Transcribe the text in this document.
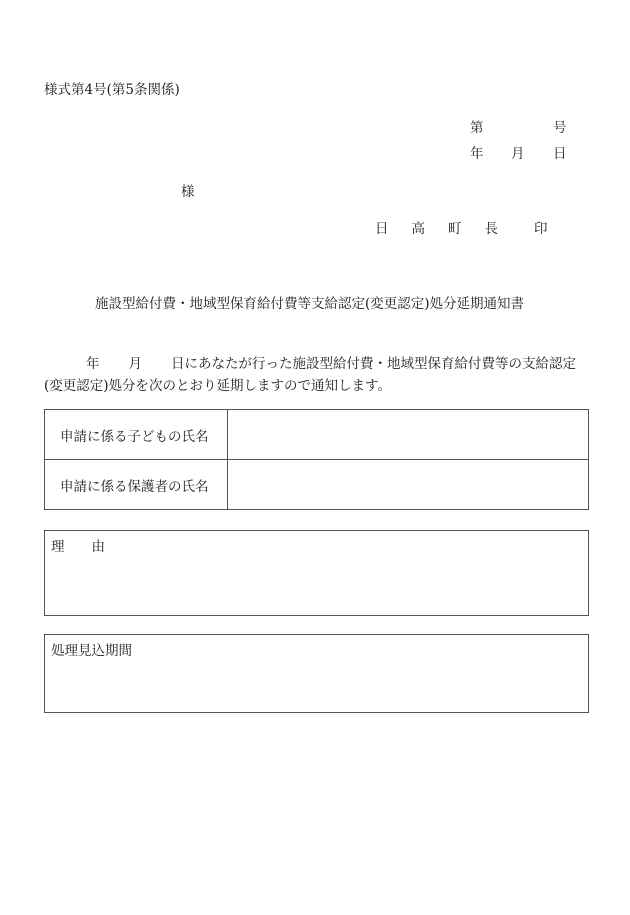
様式第4号(第5条関係)
第	号
年 月 日
様
日 高 町 長	印
施設型給付費・地域型保育給付費等支給認定(変更認定)処分延期通知書
年 月 日にあなたが行った施設型給付費・地域型保育給付費等の支給認定(変更認定)処分を次のとおり延期しますので通知します。
申請に係る子どもの氏名	
申請に係る保護者の氏名	
理　　由
処理見込期間
